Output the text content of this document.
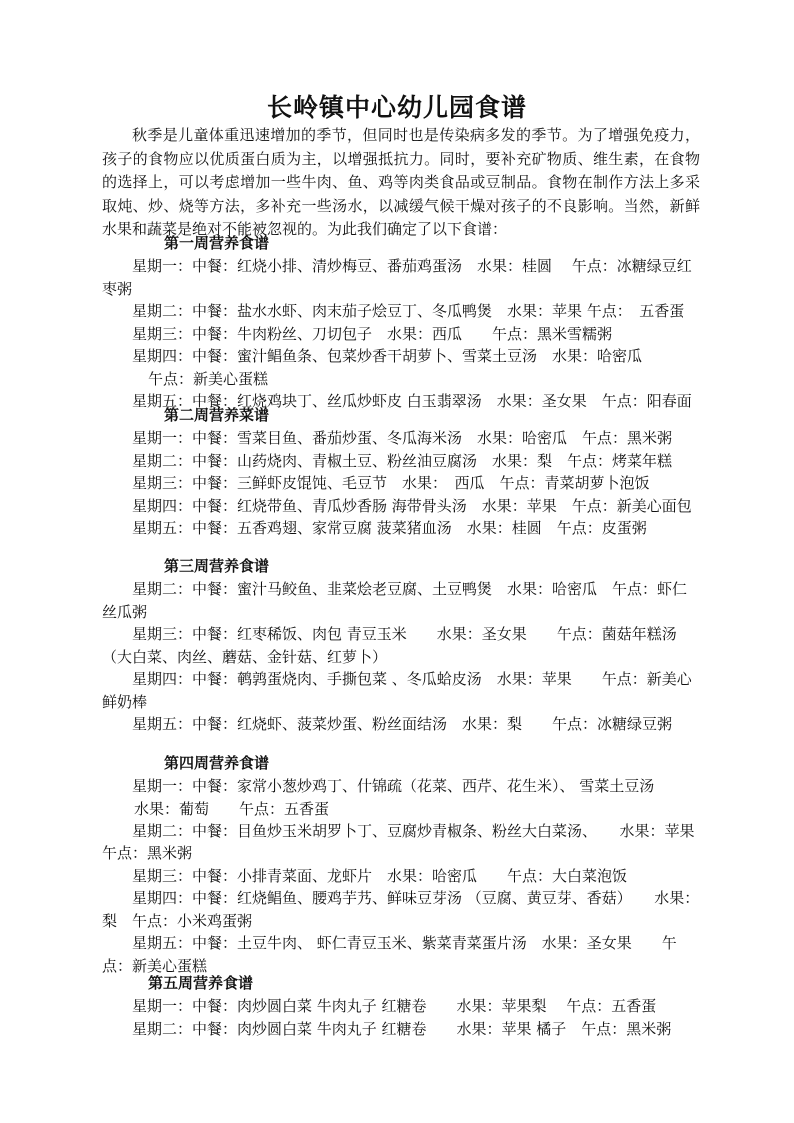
长岭镇中心幼儿园食谱

秋季是儿童体重迅速增加的季节，但同时也是传染病多发的季节。为了增强免疫力，孩子的食物应以优质蛋白质为主，以增强抵抗力。同时，要补充矿物质、维生素，在食物的选择上，可以考虑增加一些牛肉、鱼、鸡等肉类食品或豆制品。食物在制作方法上多采取炖、炒、烧等方法，多补充一些汤水，以减缓气候干燥对孩子的不良影响。当然，新鲜水果和蔬菜是绝对不能被忽视的。为此我们确定了以下食谱：

第一周营养食谱

星期一：中餐：红烧小排、清炒梅豆、番茄鸡蛋汤　水果：桂圆　 午点：冰糖绿豆红枣粥

星期二：中餐：盐水水虾、肉末茄子烩豆丁、冬瓜鸭煲　水果：苹果 午点：　五香蛋

星期三：中餐：牛肉粉丝、刀切包子　水果：西瓜　　午点：黑米雪糯粥

星期四：中餐：蜜汁鲳鱼条、包菜炒香干胡萝卜、雪菜土豆汤　水果：哈密瓜

午点：新美心蛋糕

星期五：中餐：红烧鸡块丁、丝瓜炒虾皮 白玉翡翠汤　水果：圣女果　午点：阳春面

第二周营养菜谱

星期一：中餐：雪菜目鱼、番茄炒蛋、冬瓜海米汤　水果：哈密瓜　午点：黑米粥

星期二：中餐：山药烧肉、青椒土豆、粉丝油豆腐汤　水果：梨　午点：烤菜年糕

星期三：中餐：三鲜虾皮馄饨、毛豆节　水果：　西瓜　午点：青菜胡萝卜泡饭

星期四：中餐：红烧带鱼、青瓜炒香肠 海带骨头汤　水果：苹果　午点：新美心面包

星期五：中餐：五香鸡翅、家常豆腐 菠菜猪血汤　水果：桂圆　午点：皮蛋粥

第三周营养食谱

星期二：中餐：蜜汁马鲛鱼、韭菜烩老豆腐、土豆鸭煲　水果：哈密瓜　午点：虾仁丝瓜粥

星期三：中餐：红枣稀饭、肉包 青豆玉米　　水果：圣女果　　午点：菌菇年糕汤（大白菜、肉丝、蘑菇、金针菇、红萝卜）

星期四：中餐：鹌鹑蛋烧肉、手撕包菜 、冬瓜蛤皮汤　水果：苹果　　午点：新美心鲜奶棒

星期五：中餐：红烧虾、菠菜炒蛋、粉丝面结汤　水果：梨　　午点：冰糖绿豆粥

第四周营养食谱

星期一：中餐：家常小葱炒鸡丁、什锦疏（花菜、西芹、花生米）、 雪菜土豆汤

水果：葡萄　　午点：五香蛋

星期二：中餐：目鱼炒玉米胡罗卜丁、豆腐炒青椒条、粉丝大白菜汤、　　水果：苹果午点：黑米粥

星期三：中餐：小排青菜面、龙虾片　水果：哈密瓜　　午点：大白菜泡饭

星期四：中餐：红烧鲳鱼、腰鸡芋艿、鲜味豆芽汤 （豆腐、黄豆芽、香菇）　　水果：梨　午点：小米鸡蛋粥

星期五：中餐：土豆牛肉、 虾仁青豆玉米、紫菜青菜蛋片汤　水果：圣女果　　午点：新美心蛋糕

第五周营养食谱

星期一：中餐：肉炒圆白菜 牛肉丸子 红糖卷　　水果：苹果梨　 午点：五香蛋

星期二：中餐：肉炒圆白菜 牛肉丸子 红糖卷　　水果：苹果 橘子　午点：黑米粥
